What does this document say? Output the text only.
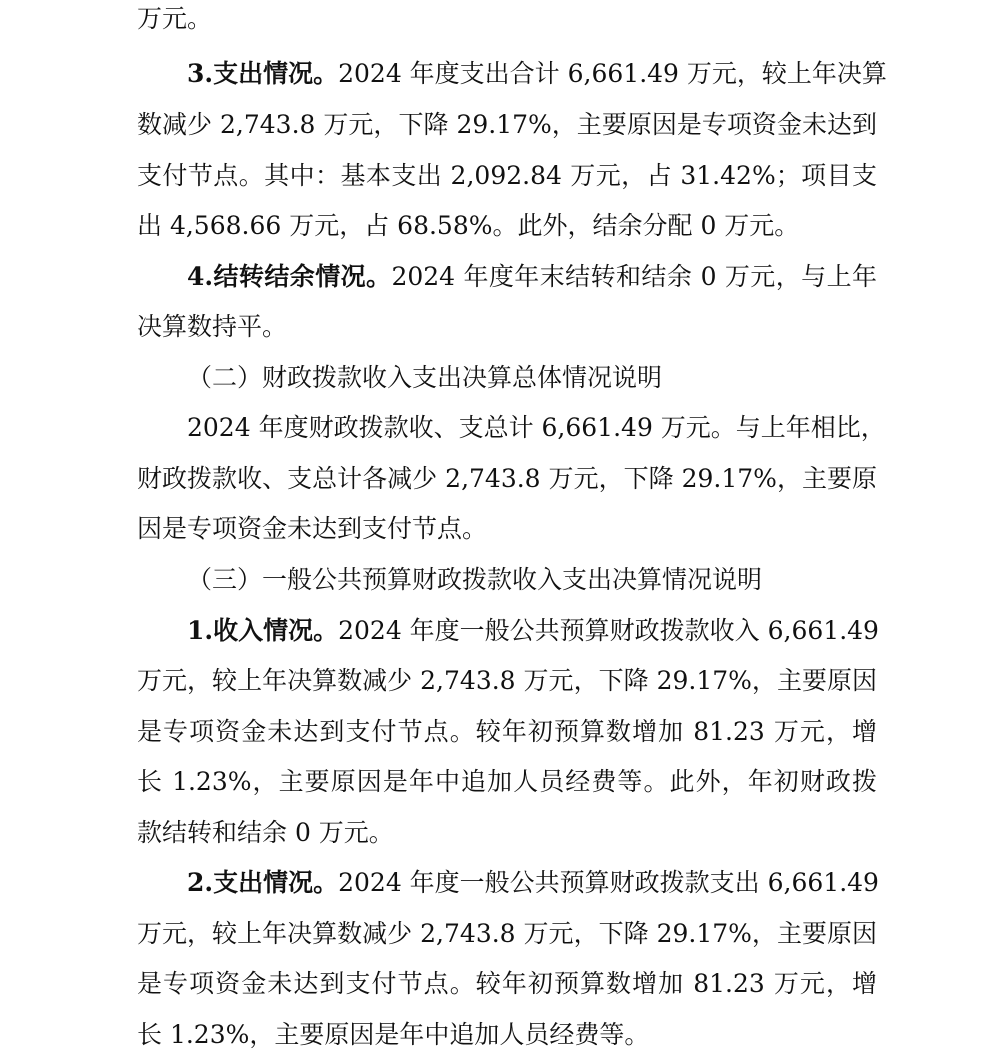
万元。
3.支出情况。2024 年度支出合计 6,661.49 万元，较上年决算
数减少 2,743.8 万元，下降 29.17%，主要原因是专项资金未达到
支付节点。其中：基本支出 2,092.84 万元，占 31.42%；项目支
出 4,568.66 万元，占 68.58%。此外，结余分配 0 万元。
4.结转结余情况。2024 年度年末结转和结余 0 万元，与上年
决算数持平。
（二）财政拨款收入支出决算总体情况说明
2024 年度财政拨款收、支总计 6,661.49 万元。与上年相比，
财政拨款收、支总计各减少 2,743.8 万元，下降 29.17%，主要原
因是专项资金未达到支付节点。
（三）一般公共预算财政拨款收入支出决算情况说明
1.收入情况。2024 年度一般公共预算财政拨款收入 6,661.49
万元，较上年决算数减少 2,743.8 万元，下降 29.17%，主要原因
是专项资金未达到支付节点。较年初预算数增加 81.23 万元，增
长 1.23%，主要原因是年中追加人员经费等。此外，年初财政拨
款结转和结余 0 万元。
2.支出情况。2024 年度一般公共预算财政拨款支出 6,661.49
万元，较上年决算数减少 2,743.8 万元，下降 29.17%，主要原因
是专项资金未达到支付节点。较年初预算数增加 81.23 万元，增
长 1.23%，主要原因是年中追加人员经费等。
